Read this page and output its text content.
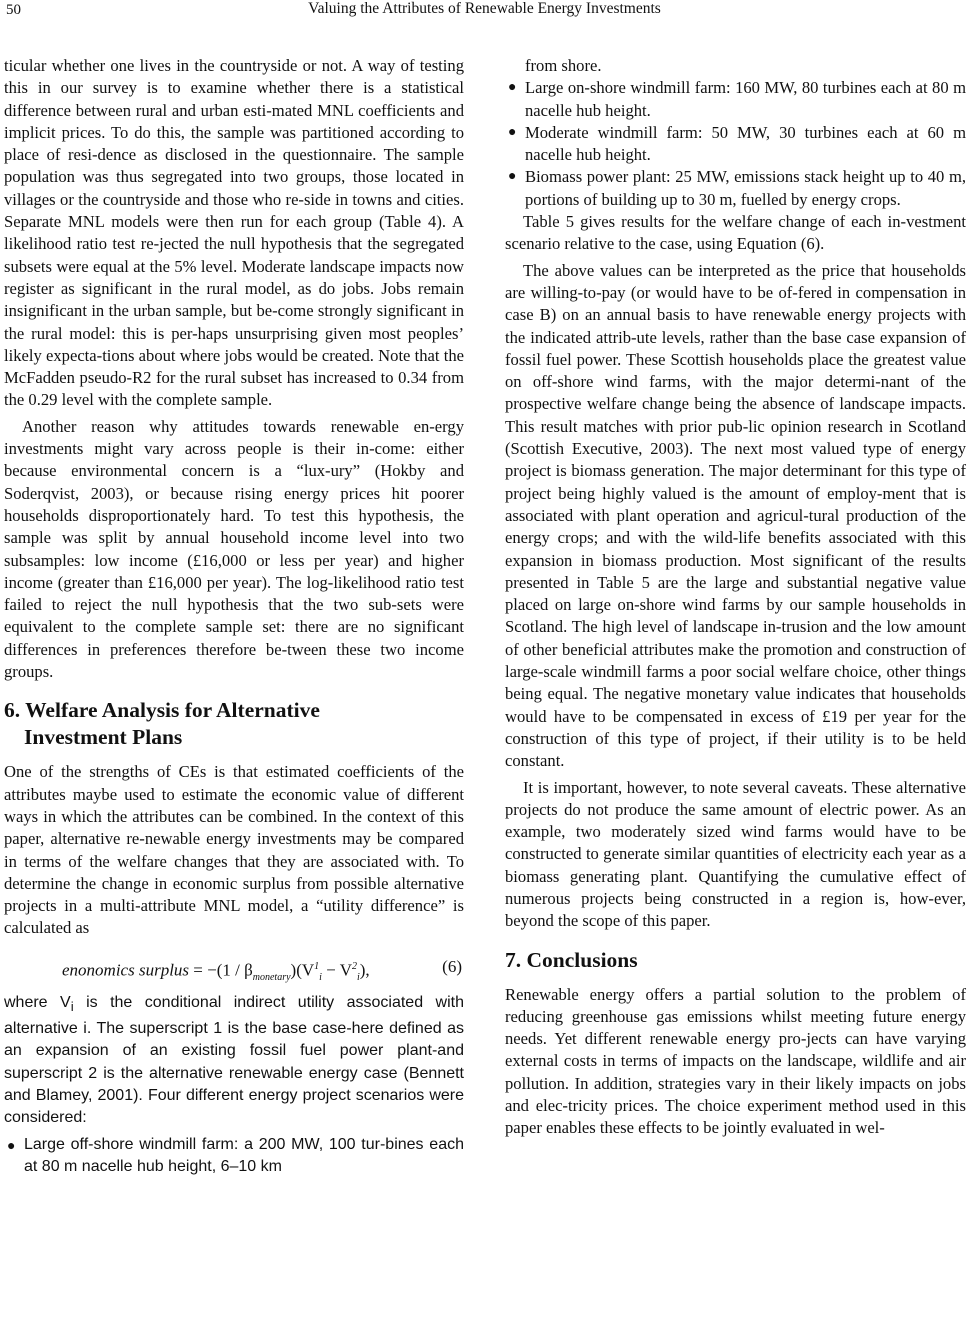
50	Valuing the Attributes of Renewable Energy Investments

ticular whether one lives in the countryside or not. A way of testing this in our survey is to examine whether there is a statistical difference between rural and urban esti-mated MNL coefficients and implicit prices. To do this, the sample was partitioned according to place of resi-dence as disclosed in the questionnaire. The sample population was thus segregated into two groups, those located in villages or the countryside and those who re-side in towns and cities. Separate MNL models were then run for each group (Table 4). A likelihood ratio test re-jected the null hypothesis that the segregated subsets were equal at the 5% level. Moderate landscape impacts now register as significant in the rural model, as do jobs. Jobs remain insignificant in the urban sample, but be-come strongly significant in the rural model: this is per-haps unsurprising given most peoples’ likely expecta-tions about where jobs would be created. Note that the McFadden pseudo-R2 for the rural subset has increased to 0.34 from the 0.29 level with the complete sample.

Another reason why attitudes towards renewable en-ergy investments might vary across people is their in-come: either because environmental concern is a “lux-ury” (Hokby and Soderqvist, 2003), or because rising energy prices hit poorer households disproportionately hard. To test this hypothesis, the sample was split by annual household income level into two subsamples: low income (£16,000 or less per year) and higher income (greater than £16,000 per year). The log-likelihood ratio test failed to reject the null hypothesis that the two sub-sets were equivalent to the complete sample set: there are no significant differences in preferences therefore be-tween these two income groups.

6. Welfare Analysis for Alternative
Investment Plans

One of the strengths of CEs is that estimated coefficients of the attributes maybe used to estimate the economic value of different ways in which the attributes can be combined. In the context of this paper, alternative re-newable energy investments may be compared in terms of the welfare changes that they are associated with. To determine the change in economic surplus from possible alternative projects in a multi-attribute MNL model, a “utility difference” is calculated as

enonomics surplus = $-(1 / \beta_{monetary})(V^1_i - V^2_i)$,	(6)

where $V_i$ is the conditional indirect utility associated with alternative i. The superscript 1 is the base case-here defined as an expansion of an existing fossil fuel power plant-and superscript 2 is the alternative renewable energy case (Bennett and Blamey, 2001). Four different energy project scenarios were considered:

● Large off-shore windmill farm: a 200 MW, 100 tur-bines each at 80 m nacelle hub height, 6–10 km

from shore.

● Large on-shore windmill farm: 160 MW, 80 turbines each at 80 m nacelle hub height.
● Moderate windmill farm: 50 MW, 30 turbines each at 60 m nacelle hub height.
● Biomass power plant: 25 MW, emissions stack height up to 40 m, portions of building up to 30 m, fuelled by energy crops.

Table 5 gives results for the welfare change of each in-vestment scenario relative to the case, using Equation (6).

The above values can be interpreted as the price that households are willing-to-pay (or would have to be of-fered in compensation in case B) on an annual basis to have renewable energy projects with the indicated attrib-ute levels, rather than the base case expansion of fossil fuel power. These Scottish households place the greatest value on off-shore wind farms, with the major determi-nant of the prospective welfare change being the absence of landscape impacts. This result matches with prior pub-lic opinion research in Scotland (Scottish Executive, 2003). The next most valued type of energy project is biomass generation. The major determinant for this type of project being highly valued is the amount of employ-ment that is associated with plant operation and agricul-tural production of the energy crops; and with the wild-life benefits associated with this expansion in biomass production. Most significant of the results presented in Table 5 are the large and substantial negative value placed on large on-shore wind farms by our sample households in Scotland. The high level of landscape in-trusion and the low amount of other beneficial attributes make the promotion and construction of large-scale windmill farms a poor social welfare choice, other things being equal. The negative monetary value indicates that households would have to be compensated in excess of £19 per year for the construction of this type of project, if their utility is to be held constant.

It is important, however, to note several caveats. These alternative projects do not produce the same amount of electric power. As an example, two moderately sized wind farms would have to be constructed to generate similar quantities of electricity each year as a biomass generating plant. Quantifying the cumulative effect of numerous projects being constructed in a region is, how-ever, beyond the scope of this paper.

7. Conclusions

Renewable energy offers a partial solution to the problem of reducing greenhouse gas emissions whilst meeting future energy needs. Yet different renewable energy pro-jects can have varying external costs in terms of impacts on the landscape, wildlife and air pollution. In addition, strategies vary in their likely impacts on jobs and elec-tricity prices. The choice experiment method used in this paper enables these effects to be jointly evaluated in wel-
